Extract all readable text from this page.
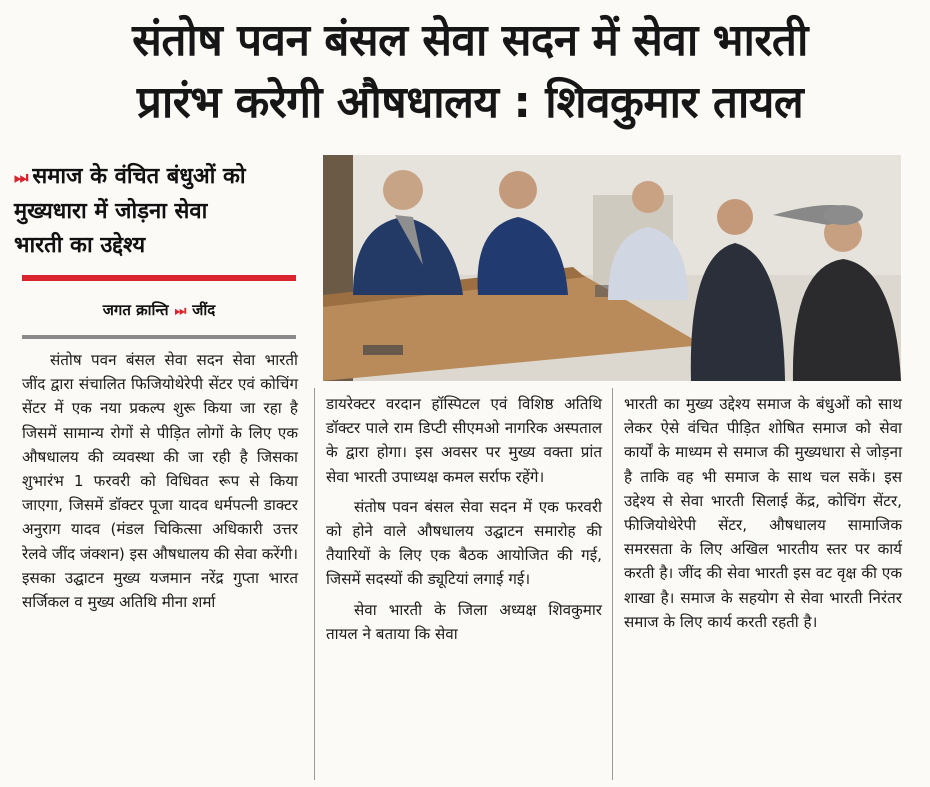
संतोष पवन बंसल सेवा सदन में सेवा भारती
प्रारंभ करेगी औषधालय : शिवकुमार तायल
⏭ समाज के वंचित बंधुओं को
मुख्यधारा में जोड़ना सेवा
भारती का उद्देश्य
जगत क्रान्ति ⏭ जींद

संतोष पवन बंसल सेवा सदन सेवा भारती जींद द्वारा संचालित फिजियोथेरेपी सेंटर एवं कोचिंग सेंटर में एक नया प्रकल्प शुरू किया जा रहा है जिसमें सामान्य रोगों से पीड़ित लोगों के लिए एक औषधालय की व्यवस्था की जा रही है जिसका शुभारंभ 1 फरवरी को विधिवत रूप से किया जाएगा, जिसमें डॉक्टर पूजा यादव धर्मपत्नी डाक्टर अनुराग यादव (मंडल चिकित्सा अधिकारी उत्तर रेलवे जींद जंक्शन) इस औषधालय की सेवा करेंगी। इसका उद्घाटन मुख्य यजमान नरेंद्र गुप्ता भारत सर्जिकल व मुख्य अतिथि मीना शर्मा

डायरेक्टर वरदान हॉस्पिटल एवं विशिष्ठ अतिथि डॉक्टर पाले राम डिप्टी सीएमओ नागरिक अस्पताल के द्वारा होगा। इस अवसर पर मुख्य वक्ता प्रांत सेवा भारती उपाध्यक्ष कमल सर्राफ रहेंगे।

संतोष पवन बंसल सेवा सदन में एक फरवरी को होने वाले औषधालय उद्घाटन समारोह की तैयारियों के लिए एक बैठक आयोजित की गई, जिसमें सदस्यों की ड्यूटियां लगाई गई।

सेवा भारती के जिला अध्यक्ष शिवकुमार तायल ने बताया कि सेवा

भारती का मुख्य उद्देश्य समाज के बंधुओं को साथ लेकर ऐसे वंचित पीड़ित शोषित समाज को सेवा कार्यों के माध्यम से समाज की मुख्यधारा से जोड़ना है ताकि वह भी समाज के साथ चल सकें। इस उद्देश्य से सेवा भारती सिलाई केंद्र, कोचिंग सेंटर, फीजियोथेरेपी सेंटर, औषधालय सामाजिक समरसता के लिए अखिल भारतीय स्तर पर कार्य करती है। जींद की सेवा भारती इस वट वृक्ष की एक शाखा है। समाज के सहयोग से सेवा भारती निरंतर समाज के लिए कार्य करती रहती है।
